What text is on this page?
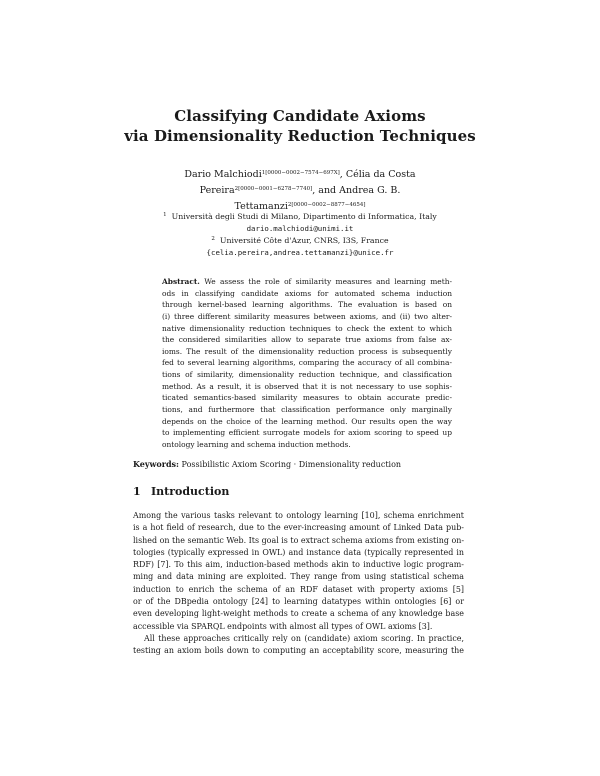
Classifying Candidate Axioms
via Dimensionality Reduction Techniques
Dario Malchiodi$^{1[0000-0002-7574-697X]}$, Célia da Costa
Pereira$^{2[0000-0001-6278-7740]}$, and Andrea G. B.
Tettamanzi$^{2[0000-0002-8877-4654]}$
$^1$ Università degli Studi di Milano, Dipartimento di Informatica, Italy
dario.malchiodi@unimi.it
$^2$ Université Côte d'Azur, CNRS, I3S, France
{celia.pereira,andrea.tettamanzi}@unice.fr
Abstract. We assess the role of similarity measures and learning meth-
ods in classifying candidate axioms for automated schema induction
through kernel-based learning algorithms. The evaluation is based on
(i) three different similarity measures between axioms, and (ii) two alter-
native dimensionality reduction techniques to check the extent to which
the considered similarities allow to separate true axioms from false ax-
ioms. The result of the dimensionality reduction process is subsequently
fed to several learning algorithms, comparing the accuracy of all combina-
tions of similarity, dimensionality reduction technique, and classification
method. As a result, it is observed that it is not necessary to use sophis-
ticated semantics-based similarity measures to obtain accurate predic-
tions, and furthermore that classification performance only marginally
depends on the choice of the learning method. Our results open the way
to implementing efficient surrogate models for axiom scoring to speed up
ontology learning and schema induction methods.
Keywords: Possibilistic Axiom Scoring · Dimensionality reduction
1 Introduction
Among the various tasks relevant to ontology learning [10], schema enrichment
is a hot field of research, due to the ever-increasing amount of Linked Data pub-
lished on the semantic Web. Its goal is to extract schema axioms from existing on-
tologies (typically expressed in OWL) and instance data (typically represented in
RDF) [7]. To this aim, induction-based methods akin to inductive logic program-
ming and data mining are exploited. They range from using statistical schema
induction to enrich the schema of an RDF dataset with property axioms [5]
or of the DBpedia ontology [24] to learning datatypes within ontologies [6] or
even developing light-weight methods to create a schema of any knowledge base
accessible via SPARQL endpoints with almost all types of OWL axioms [3].
All these approaches critically rely on (candidate) axiom scoring. In practice,
testing an axiom boils down to computing an acceptability score, measuring the
